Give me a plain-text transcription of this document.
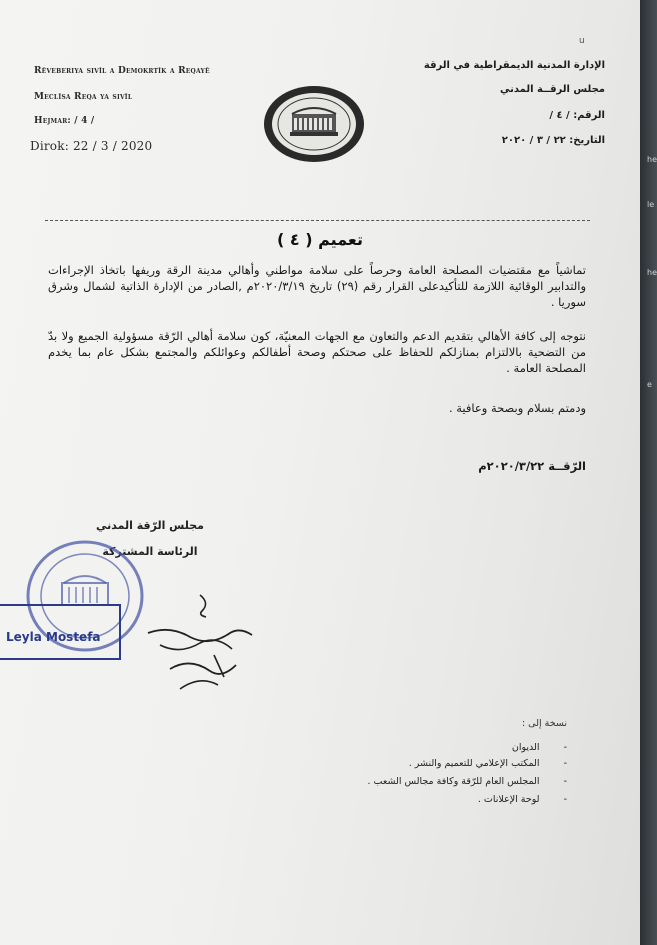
he
le
he
e
u
Rêveberiya sivîl a Demokrtîk a Reqayê
Meclîsa Reqa ya sivîl
Hejmar: / 4 /
Dirok: 22 / 3 / 2020
الإدارة المدنية الديمقراطية في الرقة
مجلس الرقــة المدني
الرقم: / ٤ /
التاريخ: ٢٢ / ٣ / ٢٠٢٠
تعميم ( ٤ )
تماشياً مع مقتضيات المصلحة العامة وحرصاً على سلامة مواطني وأهالي مدينة الرقة وريفها باتخاذ الإجراءات والتدابير الوقائية اللازمة للتأكيدعلى القرار رقم (٢٩) تاريخ ٢٠٢٠/٣/١٩م ,الصادر من الإدارة الذاتية لشمال وشرق سوريا .
نتوجه إلى كافة الأهالي بتقديم الدعم والتعاون مع الجهات المعنيّة، كون سلامة أهالي الرّقة مسؤولية الجميع ولا بدّ من التضحية بالالتزام بمنازلكم للحفاظ على صحتكم وصحة أطفالكم وعوائلكم والمجتمع بشكل عام بما يخدم المصلحة العامة .
ودمتم بسلام وبصحة وعافية .
الرّقــة ٢٠٢٠/٣/٢٢م
مجلس الرّقة المدني
الرئاسة المشتركة
Leyla Mostefa
نسخة إلى :
-الديوان
-المكتب الإعلامي للتعميم والنشر .
-المجلس العام للرّقة وكافة مجالس الشعب .
-لوحة الإعلانات .
